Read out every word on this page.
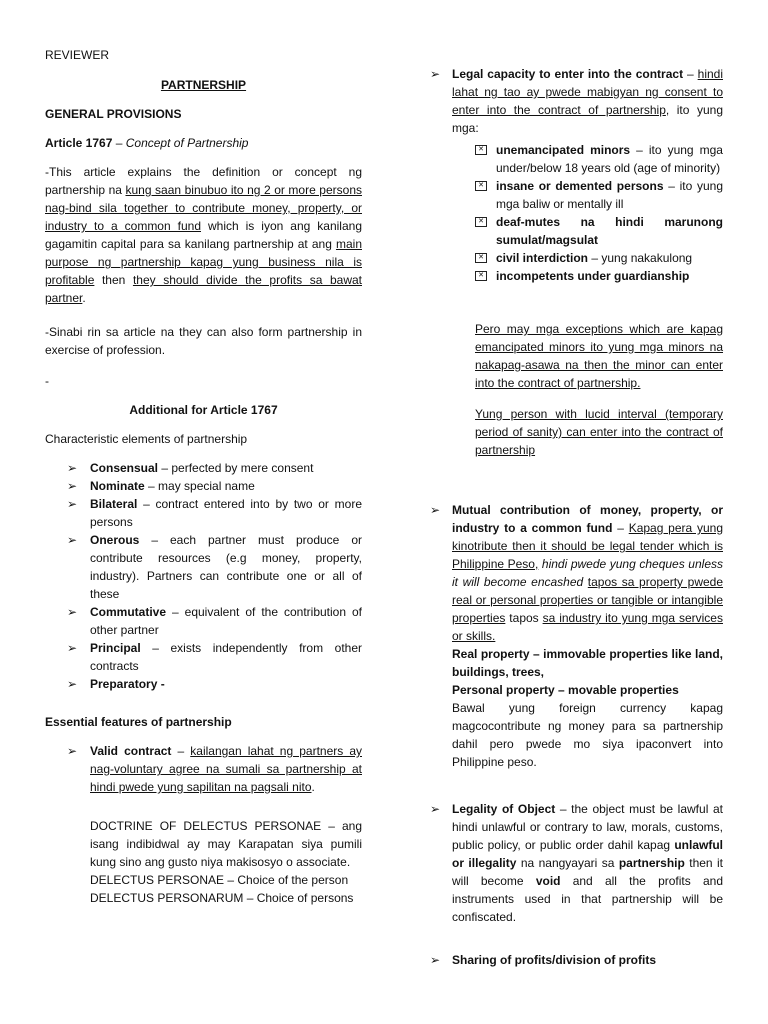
REVIEWER

PARTNERSHIP

GENERAL PROVISIONS

Article 1767 – Concept of Partnership

-This article explains the definition or concept ng partnership na kung saan binubuo ito ng 2 or more persons nag-bind sila together to contribute money, property, or industry to a common fund which is iyon ang kanilang gagamitin capital para sa kanilang partnership at ang main purpose ng partnership kapag yung business nila is profitable then they should divide the profits sa bawat partner.

-Sinabi rin sa article na they can also form partnership in exercise of profession.

-

Additional for Article 1767

Characteristic elements of partnership

➢ Consensual – perfected by mere consent
➢ Nominate – may special name
➢ Bilateral – contract entered into by two or more persons
➢ Onerous – each partner must produce or contribute resources (e.g money, property, industry). Partners can contribute one or all of these
➢ Commutative – equivalent of the contribution of other partner
➢ Principal – exists independently from other contracts
➢ Preparatory -

Essential features of partnership

➢ Valid contract – kailangan lahat ng partners ay nag-voluntary agree na sumali sa partnership at hindi pwede yung sapilitan na pagsali nito.

DOCTRINE OF DELECTUS PERSONAE – ang isang indibidwal ay may Karapatan siya pumili kung sino ang gusto niya makisosyo o associate.

DELECTUS PERSONAE – Choice of the person

DELECTUS PERSONARUM – Choice of persons

➢ Legal capacity to enter into the contract – hindi lahat ng tao ay pwede mabigyan ng consent to enter into the contract of partnership, ito yung mga:
✕
unemancipated minors – ito yung mga under/below 18 years old (age of minority)
✕
insane or demented persons – ito yung mga baliw or mentally ill
✕
deaf-mutes na hindi marunong sumulat/magsulat
✕
civil interdiction – yung nakakulong
✕
incompetents under guardianship

Pero may mga exceptions which are kapag emancipated minors ito yung mga minors na nakapag-asawa na then the minor can enter into the contract of partnership.

Yung person with lucid interval (temporary period of sanity) can enter into the contract of partnership

➢ Mutual contribution of money, property, or industry to a common fund – Kapag pera yung kinotribute then it should be legal tender which is Philippine Peso, hindi pwede yung cheques unless it will become encashed tapos sa property pwede real or personal properties or tangible or intangible properties tapos sa industry ito yung mga services or skills.

Real property – immovable properties like land, buildings, trees,

Personal property – movable properties

Bawal yung foreign currency kapag magcocontribute ng money para sa partnership dahil pero pwede mo siya ipaconvert into Philippine peso.

➢ Legality of Object – the object must be lawful at hindi unlawful or contrary to law, morals, customs, public policy, or public order dahil kapag unlawful or illegality na nangyayari sa partnership then it will become void and all the profits and instruments used in that partnership will be confiscated.
➢ Sharing of profits/division of profits
